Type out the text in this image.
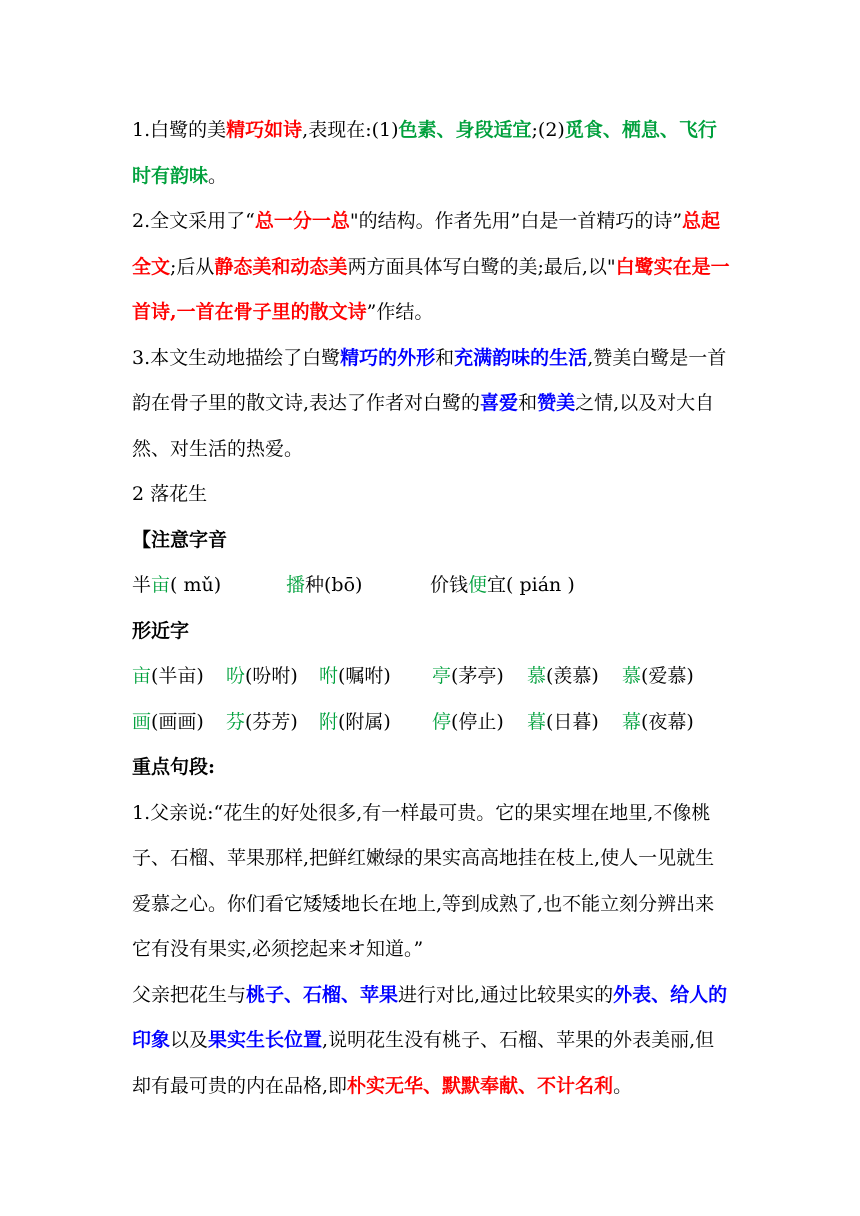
1.白鹭的美精巧如诗,表现在:(1)色素、身段适宜;(2)觅食、栖息、飞行时有韵味。

2.全文采用了“总一分一总"的结构。作者先用”白是一首精巧的诗”总起全文;后从静态美和动态美两方面具体写白鹭的美;最后,以"白鹭实在是一首诗,一首在骨子里的散文诗”作结。

3.本文生动地描绘了白鹭精巧的外形和充满韵味的生活,赞美白鹭是一首韵在骨子里的散文诗,表达了作者对白鹭的喜爱和赞美之情,以及对大自然、对生活的热爱。

2 落花生

【注意字音

半亩( mǔ)	播种(bō)	价钱便宜( pián )

形近字

亩(半亩)	吩(吩咐)	咐(嘱咐)	亭(茅亭)	慕(羡慕)	慕(爱慕)
画(画画)	芬(芬芳)	附(附属)	停(停止)	暮(日暮)	幕(夜幕)

重点句段:

1.父亲说:“花生的好处很多,有一样最可贵。它的果实埋在地里,不像桃子、石榴、苹果那样,把鲜红嫩绿的果实高高地挂在枝上,使人一见就生爱慕之心。你们看它矮矮地长在地上,等到成熟了,也不能立刻分辨出来它有没有果实,必须挖起来オ知道。”

父亲把花生与桃子、石榴、苹果进行对比,通过比较果实的外表、给人的印象以及果实生长位置,说明花生没有桃子、石榴、苹果的外表美丽,但却有最可贵的内在品格,即朴实无华、默默奉献、不计名利。
